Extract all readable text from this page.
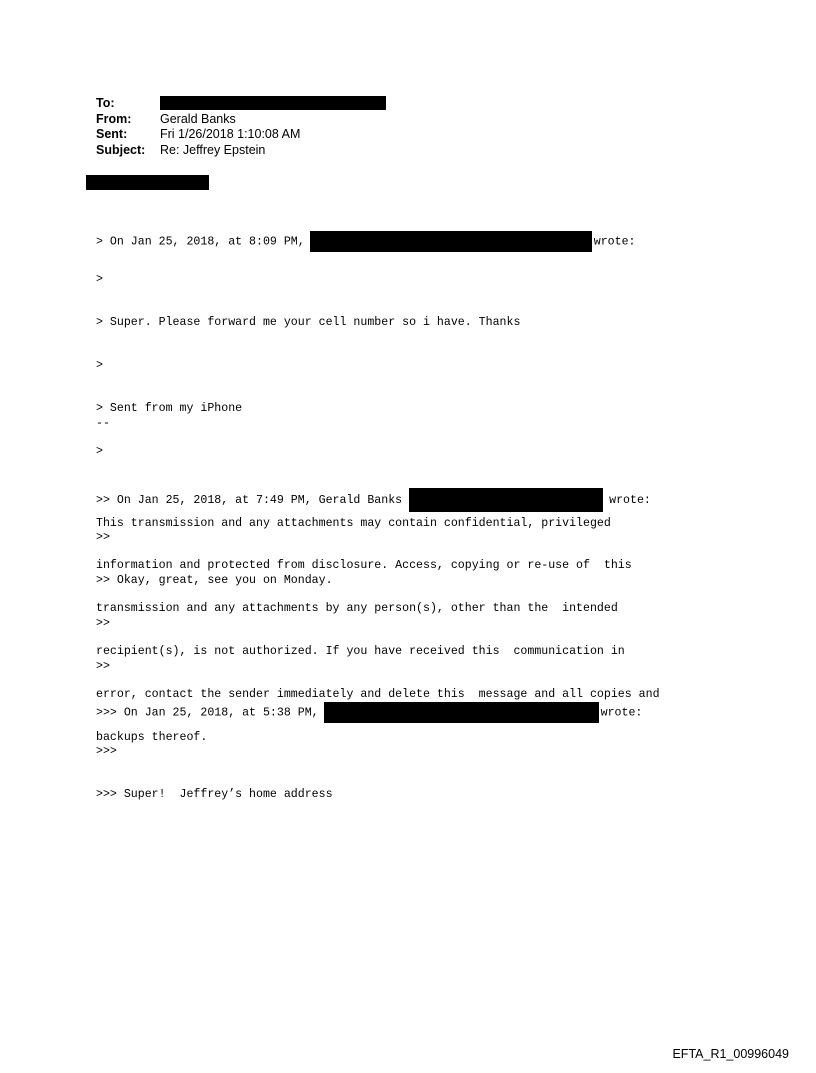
To:
From:	Gerald Banks
Sent:	Fri 1/26/2018 1:10:08 AM
Subject:	Re: Jeffrey Epstein

> On Jan 25, 2018, at 8:09 PM,	wrote:

>

> Super. Please forward me your cell number so i have. Thanks

>

> Sent from my iPhone

>

>> On Jan 25, 2018, at 7:49 PM, Gerald Banks	wrote:

>>

>> Okay, great, see you on Monday.

>>

>>

>>> On Jan 25, 2018, at 5:38 PM,	wrote:

>>>

>>> Super!  Jeffrey’s home address

--

This transmission and any attachments may contain confidential, privileged

information and protected from disclosure. Access, copying or re-use of  this

transmission and any attachments by any person(s), other than the  intended

recipient(s), is not authorized. If you have received this  communication in

error, contact the sender immediately and delete this  message and all copies and

backups thereof.

EFTA_R1_00996049
